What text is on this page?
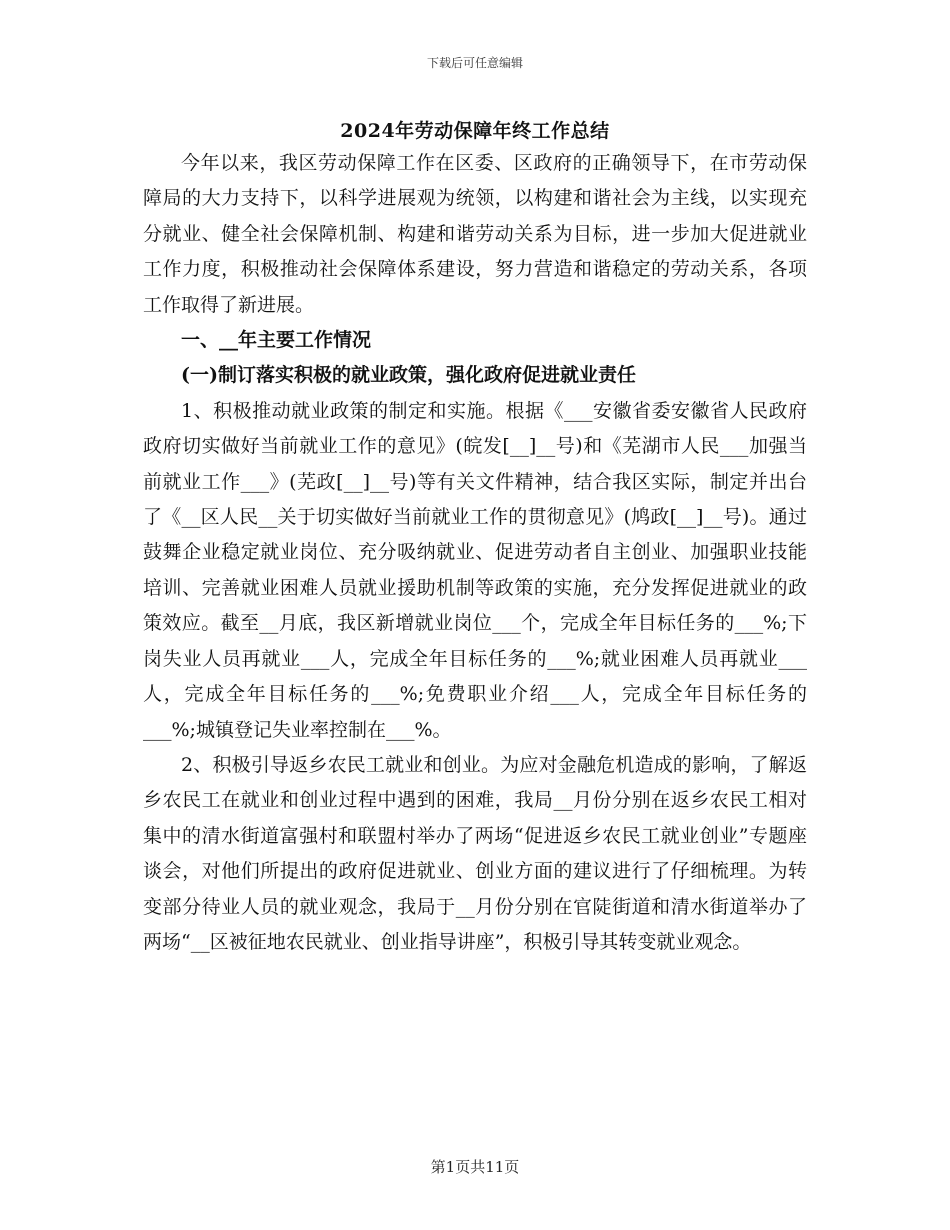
下载后可任意编辑
2024年劳动保障年终工作总结

今年以来，我区劳动保障工作在区委、区政府的正确领导下，在市劳动保障局的大力支持下，以科学进展观为统领，以构建和谐社会为主线，以实现充分就业、健全社会保障机制、构建和谐劳动关系为目标，进一步加大促进就业工作力度，积极推动社会保障体系建设，努力营造和谐稳定的劳动关系，各项工作取得了新进展。

一、__年主要工作情况

(一)制订落实积极的就业政策，强化政府促进就业责任

1、积极推动就业政策的制定和实施。根据《___安徽省委安徽省人民政府政府切实做好当前就业工作的意见》(皖发[__]__号)和《芜湖市人民___加强当前就业工作___》(芜政[__]__号)等有关文件精神，结合我区实际，制定并出台了《__区人民__关于切实做好当前就业工作的贯彻意见》(鸠政[__]__号)。通过鼓舞企业稳定就业岗位、充分吸纳就业、促进劳动者自主创业、加强职业技能培训、完善就业困难人员就业援助机制等政策的实施，充分发挥促进就业的政策效应。截至__月底，我区新增就业岗位___个，完成全年目标任务的___%;下岗失业人员再就业___人，完成全年目标任务的___%;就业困难人员再就业___人，完成全年目标任务的___%;免费职业介绍___人，完成全年目标任务的___%;城镇登记失业率控制在___%。

2、积极引导返乡农民工就业和创业。为应对金融危机造成的影响，了解返乡农民工在就业和创业过程中遇到的困难，我局__月份分别在返乡农民工相对集中的清水街道富强村和联盟村举办了两场“促进返乡农民工就业创业”专题座谈会，对他们所提出的政府促进就业、创业方面的建议进行了仔细梳理。为转变部分待业人员的就业观念，我局于__月份分别在官陡街道和清水街道举办了两场“__区被征地农民就业、创业指导讲座”，积极引导其转变就业观念。

第1页共11页
